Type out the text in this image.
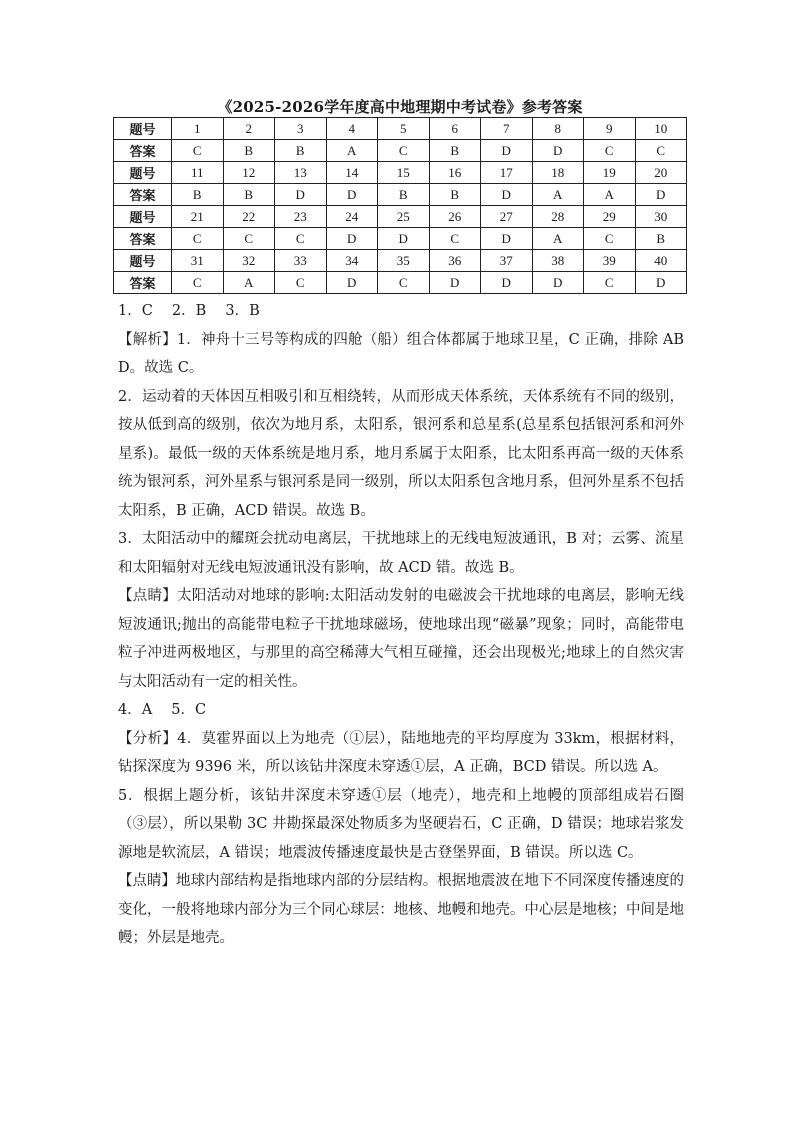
《2025-2026学年度高中地理期中考试卷》参考答案
题号	1	2	3	4	5	6	7	8	9	10
答案	C	B	B	A	C	B	D	D	C	C
题号	11	12	13	14	15	16	17	18	19	20
答案	B	B	D	D	B	B	D	A	A	D
题号	21	22	23	24	25	26	27	28	29	30
答案	C	C	C	D	D	C	D	A	C	B
题号	31	32	33	34	35	36	37	38	39	40
答案	C	A	C	D	C	D	D	D	C	D

1．C　 2．B　 3．B

【解析】1．神舟十三号等构成的四舱（船）组合体都属于地球卫星，C 正确，排除 ABD。故选 C。

2．运动着的天体因互相吸引和互相绕转，从而形成天体系统，天体系统有不同的级别，按从低到高的级别，依次为地月系，太阳系，银河系和总星系(总星系包括银河系和河外星系)。最低一级的天体系统是地月系，地月系属于太阳系，比太阳系再高一级的天体系统为银河系，河外星系与银河系是同一级别，所以太阳系包含地月系，但河外星系不包括太阳系，B 正确，ACD 错误。故选 B。

3．太阳活动中的耀斑会扰动电离层，干扰地球上的无线电短波通讯，B 对；云雾、流星和太阳辐射对无线电短波通讯没有影响，故 ACD 错。故选 B。

【点睛】太阳活动对地球的影响:太阳活动发射的电磁波会干扰地球的电离层，影响无线短波通讯;抛出的高能带电粒子干扰地球磁场，使地球出现“磁暴”现象；同时，高能带电粒子冲进两极地区，与那里的高空稀薄大气相互碰撞，还会出现极光;地球上的自然灾害与太阳活动有一定的相关性。

4．A　 5．C

【分析】4．莫霍界面以上为地壳（①层），陆地地壳的平均厚度为 33km，根据材料，钻探深度为 9396 米，所以该钻井深度未穿透①层，A 正确，BCD 错误。所以选 A。

5．根据上题分析，该钻井深度未穿透①层（地壳），地壳和上地幔的顶部组成岩石圈（③层），所以果勒 3C 井勘探最深处物质多为坚硬岩石，C 正确，D 错误；地球岩浆发源地是软流层，A 错误；地震波传播速度最快是古登堡界面，B 错误。所以选 C。

【点睛】地球内部结构是指地球内部的分层结构。根据地震波在地下不同深度传播速度的变化，一般将地球内部分为三个同心球层：地核、地幔和地壳。中心层是地核；中间是地幔；外层是地壳。
